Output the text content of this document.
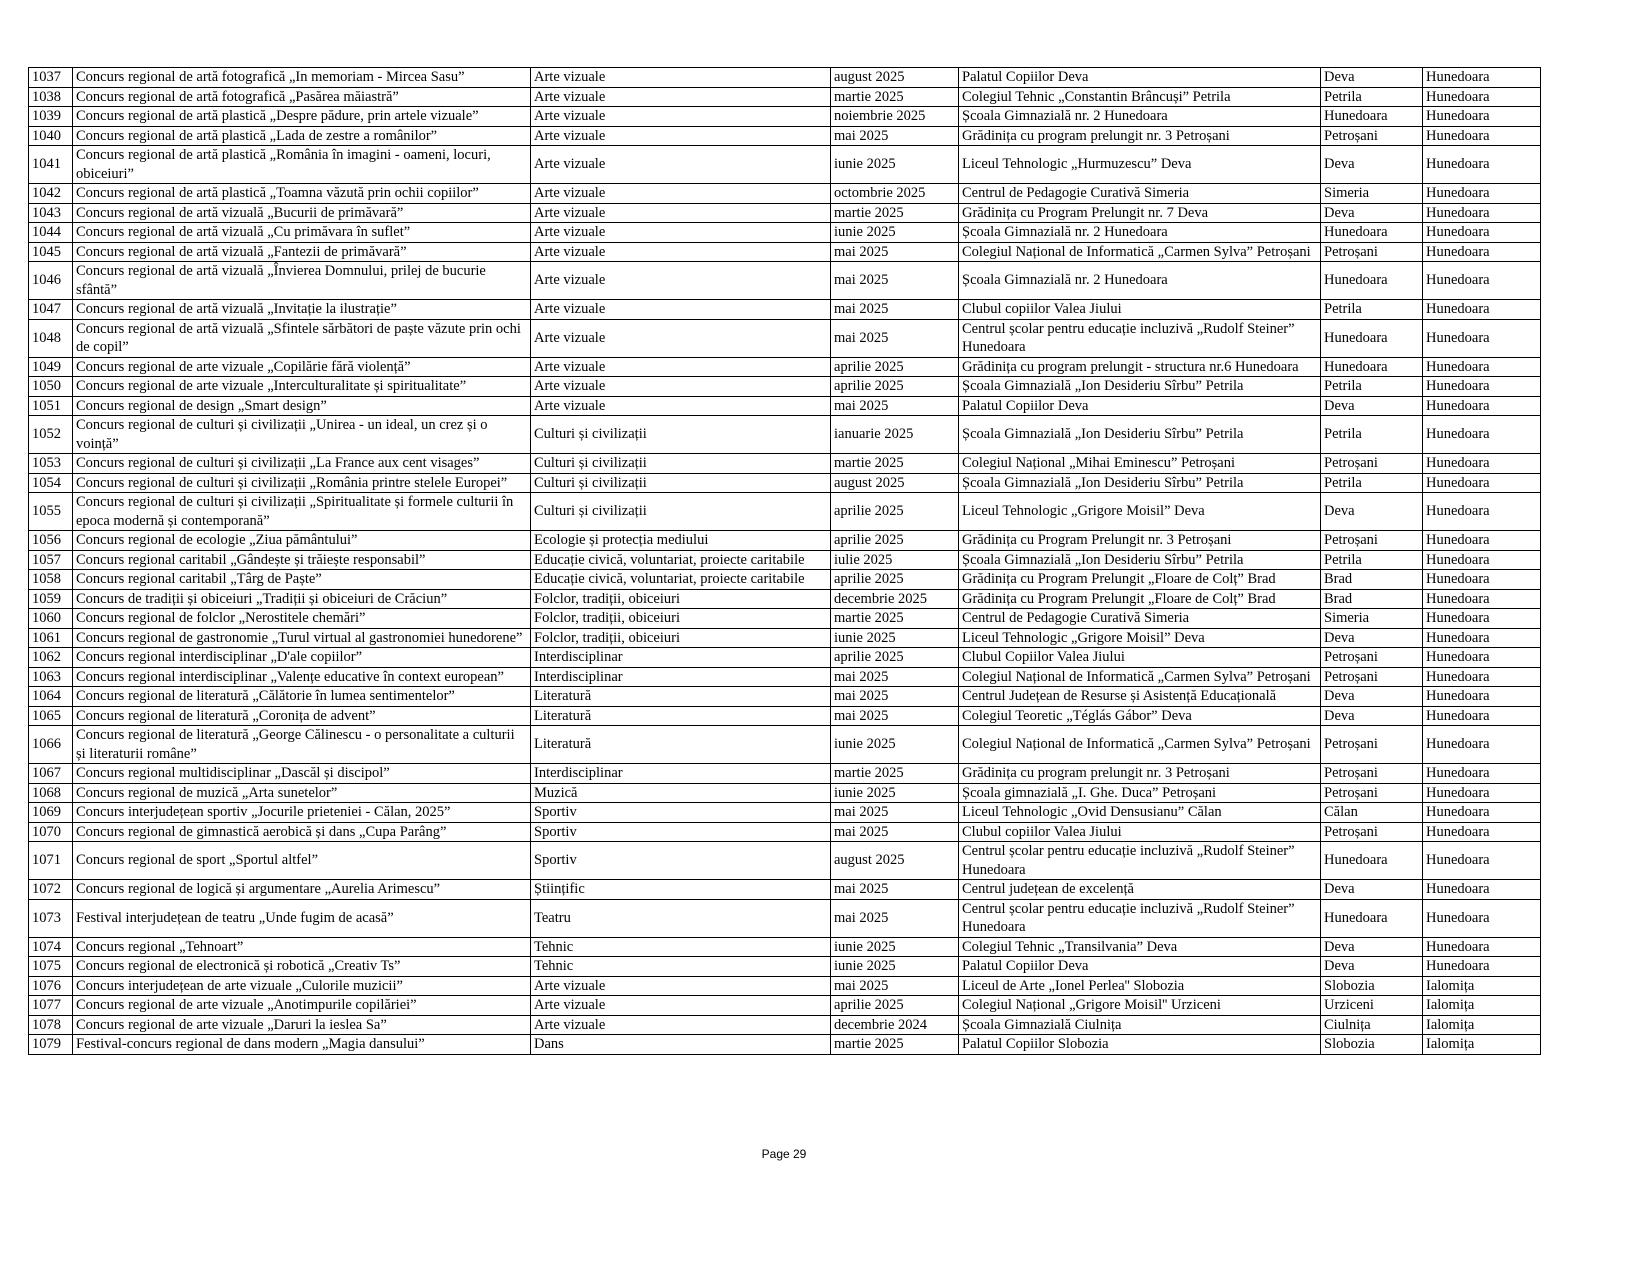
1037	Concurs regional de artă fotografică „In memoriam - Mircea Sasu”	Arte vizuale	august 2025	Palatul Copiilor Deva	Deva	Hunedoara
1038	Concurs regional de artă fotografică „Pasărea măiastră”	Arte vizuale	martie 2025	Colegiul Tehnic „Constantin Brâncuși” Petrila	Petrila	Hunedoara
1039	Concurs regional de artă plastică „Despre pădure, prin artele vizuale”	Arte vizuale	noiembrie 2025	Școala Gimnazială nr. 2 Hunedoara	Hunedoara	Hunedoara
1040	Concurs regional de artă plastică „Lada de zestre a românilor”	Arte vizuale	mai 2025	Grădinița cu program prelungit nr. 3 Petroșani	Petroșani	Hunedoara
1041	Concurs regional de artă plastică „România în imagini - oameni, locuri, obiceiuri”	Arte vizuale	iunie 2025	Liceul Tehnologic „Hurmuzescu” Deva	Deva	Hunedoara
1042	Concurs regional de artă plastică „Toamna văzută prin ochii copiilor”	Arte vizuale	octombrie 2025	Centrul de Pedagogie Curativă Simeria	Simeria	Hunedoara
1043	Concurs regional de artă vizuală „Bucurii de primăvară”	Arte vizuale	martie 2025	Grădinița cu Program Prelungit nr. 7 Deva	Deva	Hunedoara
1044	Concurs regional de artă vizuală „Cu primăvara în suflet”	Arte vizuale	iunie 2025	Școala Gimnazială nr. 2 Hunedoara	Hunedoara	Hunedoara
1045	Concurs regional de artă vizuală „Fantezii de primăvară”	Arte vizuale	mai 2025	Colegiul Național de Informatică „Carmen Sylva” Petroșani	Petroșani	Hunedoara
1046	Concurs regional de artă vizuală „Învierea Domnului, prilej de bucurie sfântă”	Arte vizuale	mai 2025	Școala Gimnazială nr. 2 Hunedoara	Hunedoara	Hunedoara
1047	Concurs regional de artă vizuală „Invitație la ilustrație”	Arte vizuale	mai 2025	Clubul copiilor Valea Jiului	Petrila	Hunedoara
1048	Concurs regional de artă vizuală „Sfintele sărbători de paște văzute prin ochi de copil”	Arte vizuale	mai 2025	Centrul școlar pentru educație incluzivă „Rudolf Steiner” Hunedoara	Hunedoara	Hunedoara
1049	Concurs regional de arte vizuale „Copilărie fără violență”	Arte vizuale	aprilie 2025	Grădinița cu program prelungit - structura nr.6 Hunedoara	Hunedoara	Hunedoara
1050	Concurs regional de arte vizuale „Interculturalitate și spiritualitate”	Arte vizuale	aprilie 2025	Școala Gimnazială „Ion Desideriu Sîrbu” Petrila	Petrila	Hunedoara
1051	Concurs regional de design „Smart design”	Arte vizuale	mai 2025	Palatul Copiilor Deva	Deva	Hunedoara
1052	Concurs regional de culturi și civilizații „Unirea - un ideal, un crez și o voință”	Culturi și civilizații	ianuarie 2025	Școala Gimnazială „Ion Desideriu Sîrbu” Petrila	Petrila	Hunedoara
1053	Concurs regional de culturi și civilizații „La France aux cent visages”	Culturi și civilizații	martie 2025	Colegiul Național „Mihai Eminescu” Petroșani	Petroșani	Hunedoara
1054	Concurs regional de culturi și civilizații „România printre stelele Europei”	Culturi și civilizații	august 2025	Școala Gimnazială „Ion Desideriu Sîrbu” Petrila	Petrila	Hunedoara
1055	Concurs regional de culturi și civilizații „Spiritualitate și formele culturii în epoca modernă și contemporană”	Culturi și civilizații	aprilie 2025	Liceul Tehnologic „Grigore Moisil” Deva	Deva	Hunedoara
1056	Concurs regional de ecologie „Ziua pământului”	Ecologie și protecția mediului	aprilie 2025	Grădinița cu Program Prelungit nr. 3 Petroșani	Petroșani	Hunedoara
1057	Concurs regional caritabil „Gândește și trăiește responsabil”	Educație civică, voluntariat, proiecte caritabile	iulie 2025	Școala Gimnazială „Ion Desideriu Sîrbu” Petrila	Petrila	Hunedoara
1058	Concurs regional caritabil „Târg de Paște”	Educație civică, voluntariat, proiecte caritabile	aprilie 2025	Grădinița cu Program Prelungit „Floare de Colț” Brad	Brad	Hunedoara
1059	Concurs de tradiții și obiceiuri „Tradiții și obiceiuri de Crăciun”	Folclor, tradiții, obiceiuri	decembrie 2025	Grădinița cu Program Prelungit „Floare de Colț” Brad	Brad	Hunedoara
1060	Concurs regional de folclor „Nerostitele chemări”	Folclor, tradiții, obiceiuri	martie 2025	Centrul de Pedagogie Curativă Simeria	Simeria	Hunedoara
1061	Concurs regional de gastronomie „Turul virtual al gastronomiei hunedorene”	Folclor, tradiții, obiceiuri	iunie 2025	Liceul Tehnologic „Grigore Moisil” Deva	Deva	Hunedoara
1062	Concurs regional interdisciplinar „D'ale copiilor”	Interdisciplinar	aprilie 2025	Clubul Copiilor Valea Jiului	Petroșani	Hunedoara
1063	Concurs regional interdisciplinar „Valențe educative în context european”	Interdisciplinar	mai 2025	Colegiul Național de Informatică „Carmen Sylva” Petroșani	Petroșani	Hunedoara
1064	Concurs regional de literatură „Călătorie în lumea sentimentelor”	Literatură	mai 2025	Centrul Județean de Resurse și Asistență Educațională	Deva	Hunedoara
1065	Concurs regional de literatură „Coronița de advent”	Literatură	mai 2025	Colegiul Teoretic „Téglás Gábor” Deva	Deva	Hunedoara
1066	Concurs regional de literatură „George Călinescu - o personalitate a culturii și literaturii române”	Literatură	iunie 2025	Colegiul Național de Informatică „Carmen Sylva” Petroșani	Petroșani	Hunedoara
1067	Concurs regional multidisciplinar „Dascăl și discipol”	Interdisciplinar	martie 2025	Grădinița cu program prelungit nr. 3 Petroșani	Petroșani	Hunedoara
1068	Concurs regional de muzică „Arta sunetelor”	Muzică	iunie 2025	Școala gimnazială „I. Ghe. Duca” Petroșani	Petroșani	Hunedoara
1069	Concurs interjudețean sportiv „Jocurile prieteniei - Călan, 2025”	Sportiv	mai 2025	Liceul Tehnologic „Ovid Densusianu” Călan	Călan	Hunedoara
1070	Concurs regional de gimnastică aerobică și dans „Cupa Parâng”	Sportiv	mai 2025	Clubul copiilor Valea Jiului	Petroșani	Hunedoara
1071	Concurs regional de sport „Sportul altfel”	Sportiv	august 2025	Centrul școlar pentru educație incluzivă „Rudolf Steiner” Hunedoara	Hunedoara	Hunedoara
1072	Concurs regional de logică și argumentare „Aurelia Arimescu”	Științific	mai 2025	Centrul județean de excelență	Deva	Hunedoara
1073	Festival interjudețean de teatru „Unde fugim de acasă”	Teatru	mai 2025	Centrul școlar pentru educație incluzivă „Rudolf Steiner” Hunedoara	Hunedoara	Hunedoara
1074	Concurs regional „Tehnoart”	Tehnic	iunie 2025	Colegiul Tehnic „Transilvania” Deva	Deva	Hunedoara
1075	Concurs regional de electronică și robotică „Creativ Ts”	Tehnic	iunie 2025	Palatul Copiilor Deva	Deva	Hunedoara
1076	Concurs interjudețean de arte vizuale „Culorile muzicii”	Arte vizuale	mai 2025	Liceul de Arte „Ionel Perlea'' Slobozia	Slobozia	Ialomița
1077	Concurs regional de arte vizuale „Anotimpurile copilăriei”	Arte vizuale	aprilie 2025	Colegiul Național „Grigore Moisil'' Urziceni	Urziceni	Ialomița
1078	Concurs regional de arte vizuale „Daruri la ieslea Sa”	Arte vizuale	decembrie 2024	Școala Gimnazială Ciulnița	Ciulnița	Ialomița
1079	Festival-concurs regional de dans modern „Magia dansului”	Dans	martie 2025	Palatul Copiilor Slobozia	Slobozia	Ialomița
Page 29
